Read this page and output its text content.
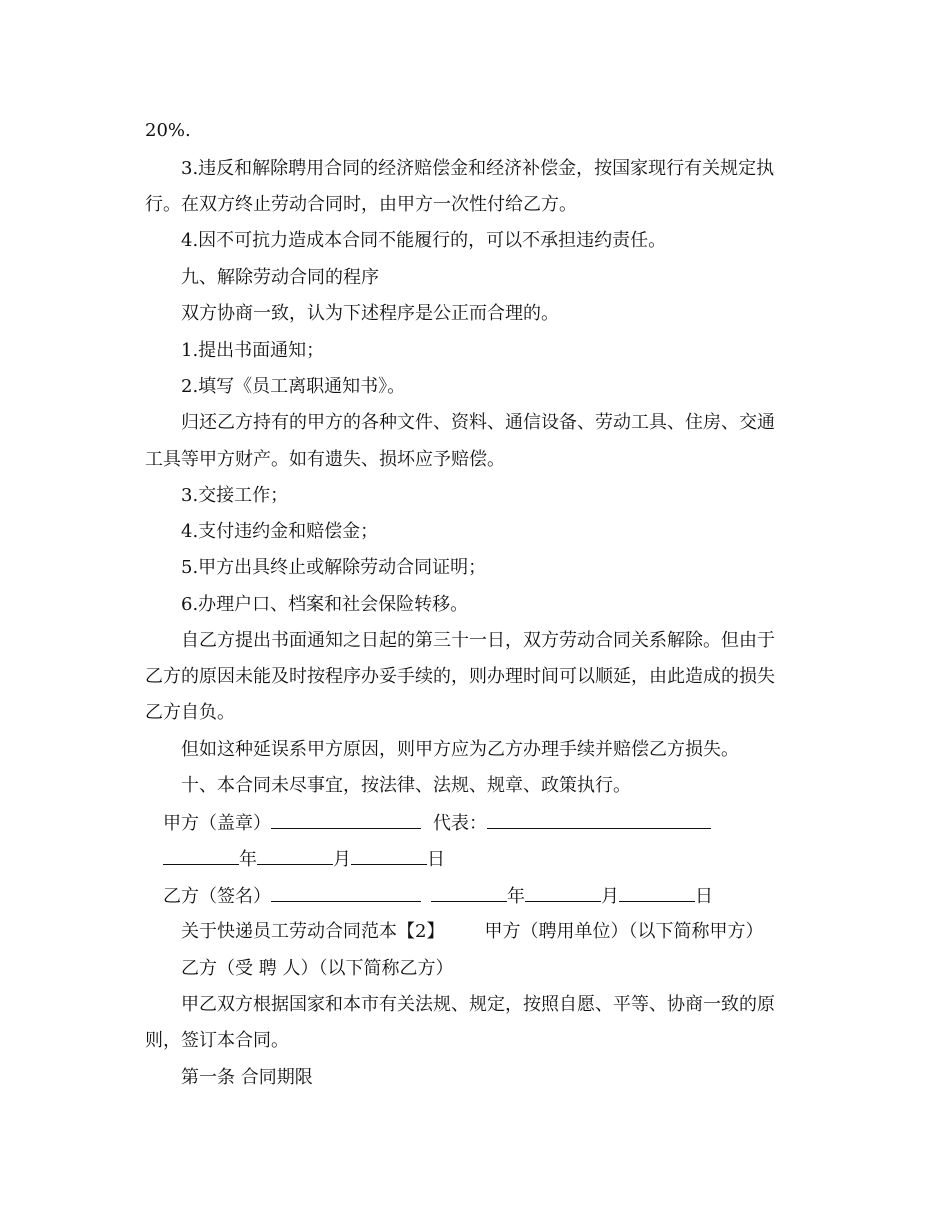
20%.
3.违反和解除聘用合同的经济赔偿金和经济补偿金，按国家现行有关规定执
行。在双方终止劳动合同时，由甲方一次性付给乙方。
4.因不可抗力造成本合同不能履行的，可以不承担违约责任。
九、解除劳动合同的程序
双方协商一致，认为下述程序是公正而合理的。
1.提出书面通知；
2.填写《员工离职通知书》。
归还乙方持有的甲方的各种文件、资料、通信设备、劳动工具、住房、交通
工具等甲方财产。如有遗失、损坏应予赔偿。
3.交接工作；
4.支付违约金和赔偿金；
5.甲方出具终止或解除劳动合同证明；
6.办理户口、档案和社会保险转移。
自乙方提出书面通知之日起的第三十一日，双方劳动合同关系解除。但由于
乙方的原因未能及时按程序办妥手续的，则办理时间可以顺延，由此造成的损失
乙方自负。
但如这种延误系甲方原因，则甲方应为乙方办理手续并赔偿乙方损失。
十、本合同未尽事宜，按法律、法规、规章、政策执行。
甲方（盖章）	代表：
年	月	日
乙方（签名）	年	月	日
关于快递员工劳动合同范本【2】 甲方（聘用单位）（以下简称甲方）
乙方（受 聘 人）（以下简称乙方）
甲乙双方根据国家和本市有关法规、规定，按照自愿、平等、协商一致的原
则，签订本合同。
第一条 合同期限
